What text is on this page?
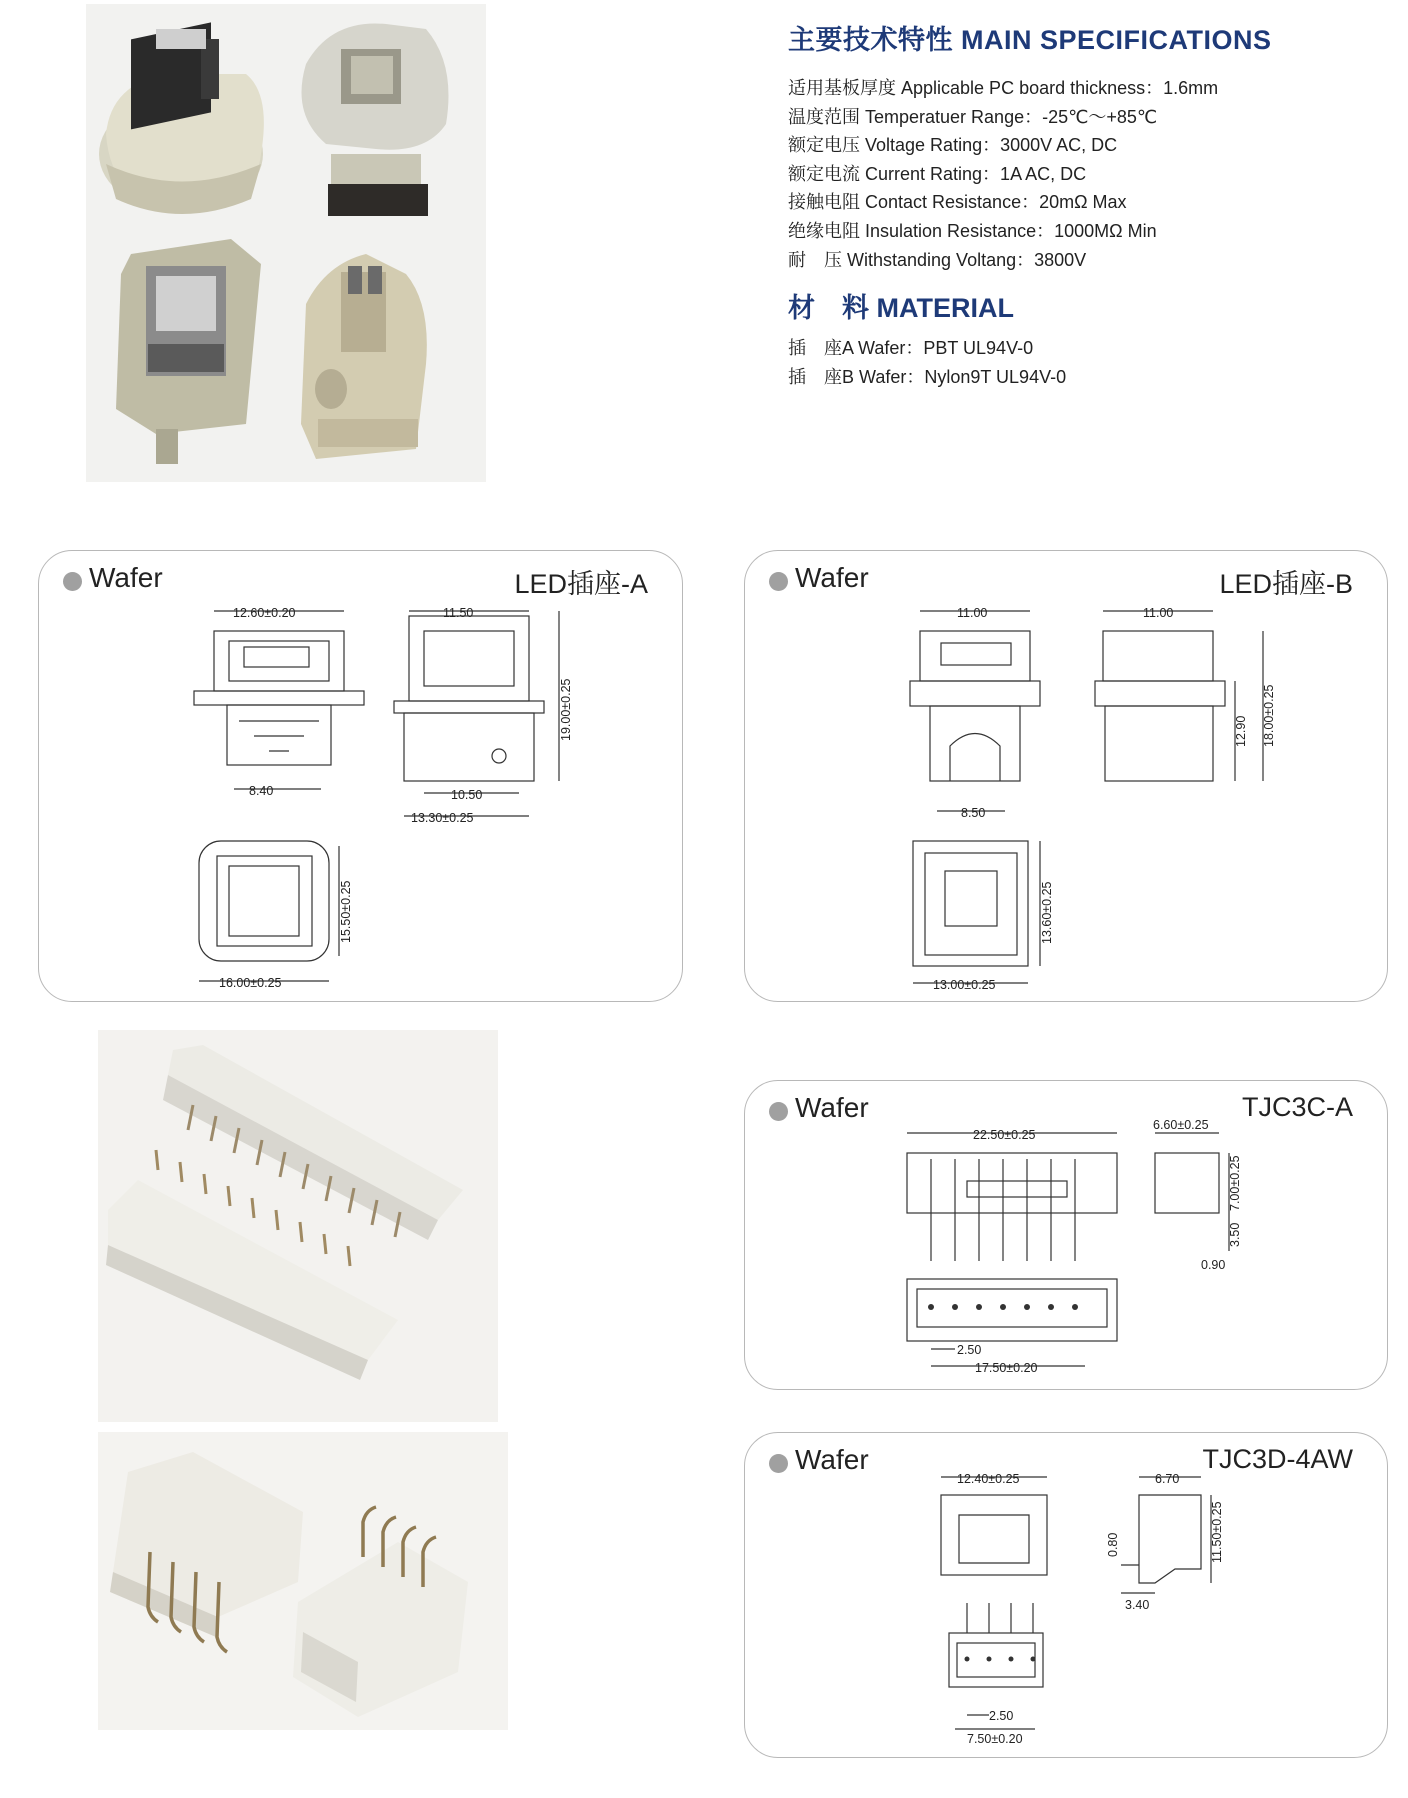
主要技术特性 MAIN SPECIFICATIONS
适用基板厚度 Applicable PC board thickness：1.6mm
温度范围 Temperatuer Range：-25℃～+85℃
额定电压 Voltage Rating：3000V AC, DC
额定电流 Current Rating：1A AC, DC
接触电阻 Contact Resistance：20mΩ Max
绝缘电阻 Insulation Resistance：1000MΩ Min
耐　压 Withstanding Voltang：3800V
材　料 MATERIAL
插　座A Wafer：PBT UL94V-0
插　座B Wafer：Nylon9T UL94V-0
12.60±0.20
8.40
11.50
19.00±0.25
10.50
13.30±0.25
15.50±0.25
16.00±0.25
Wafer	LED插座-A
11.00
8.50
11.00
12.90 18.00±0.25
13.60±0.25
13.00±0.25
Wafer	LED插座-B
22.50±0.25
6.60±0.25
7.00±0.25
3.50
0.90
2.50
17.50±0.20
Wafer	TJC3C-A
12.40±0.25	6.70
0.80	11.50±0.25
3.40
2.50
7.50±0.20
Wafer	TJC3D-4AW
